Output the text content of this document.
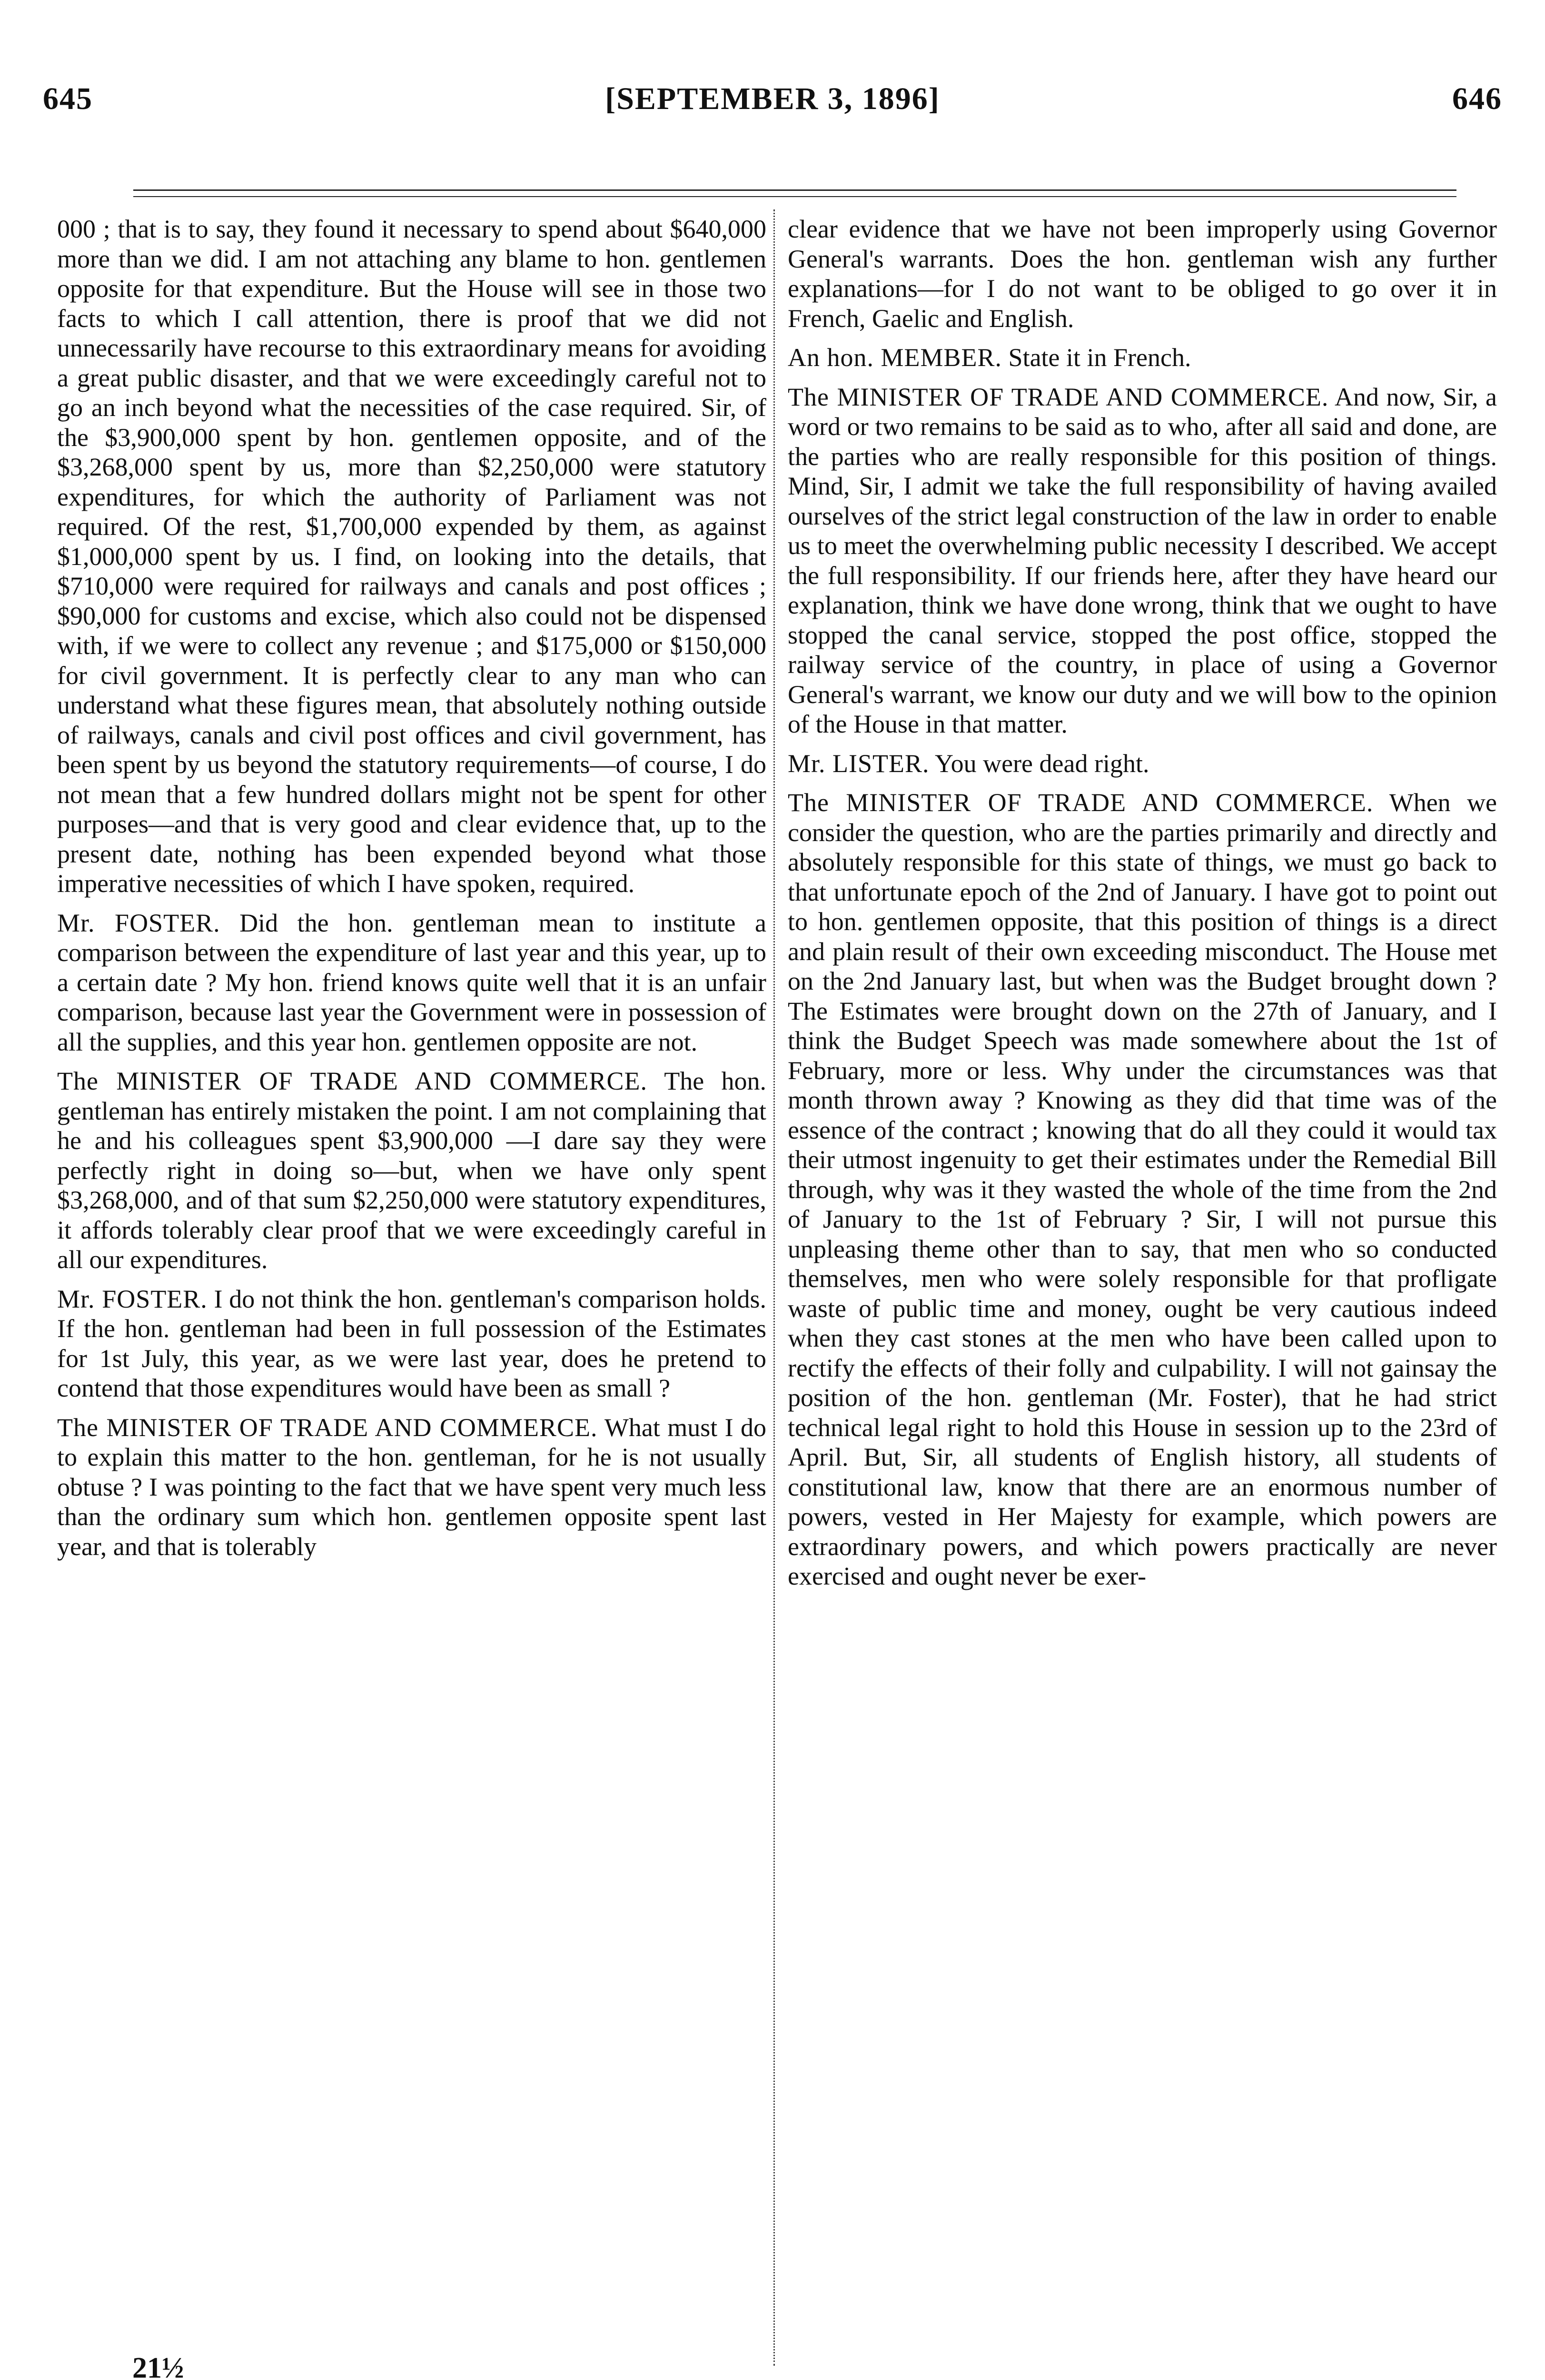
645	[SEPTEMBER 3, 1896]	646

000 ; that is to say, they found it necessary to spend about $640,000 more than we did. I am not attaching any blame to hon. gentlemen opposite for that expenditure. But the House will see in those two facts to which I call attention, there is proof that we did not unnecessarily have recourse to this extraordinary means for avoiding a great public disaster, and that we were exceedingly careful not to go an inch beyond what the necessities of the case required. Sir, of the $3,900,000 spent by hon. gentlemen opposite, and of the $3,268,000 spent by us, more than $2,250,000 were statutory expenditures, for which the authority of Parliament was not required. Of the rest, $1,700,000 expended by them, as against $1,000,000 spent by us. I find, on looking into the details, that $710,000 were required for railways and canals and post offices ; $90,000 for customs and excise, which also could not be dispensed with, if we were to collect any revenue ; and $175,000 or $150,000 for civil government. It is perfectly clear to any man who can understand what these figures mean, that absolutely nothing outside of railways, canals and civil post offices and civil government, has been spent by us beyond the statutory requirements—of course, I do not mean that a few hundred dollars might not be spent for other purposes—and that is very good and clear evidence that, up to the present date, nothing has been expended beyond what those imperative necessities of which I have spoken, required.

Mr. FOSTER. Did the hon. gentleman mean to institute a comparison between the expenditure of last year and this year, up to a certain date ? My hon. friend knows quite well that it is an unfair comparison, because last year the Government were in possession of all the supplies, and this year hon. gentlemen opposite are not.

The MINISTER OF TRADE AND COMMERCE. The hon. gentleman has entirely mistaken the point. I am not complaining that he and his colleagues spent $3,900,000 —I dare say they were perfectly right in doing so—but, when we have only spent $3,268,000, and of that sum $2,250,000 were statutory expenditures, it affords tolerably clear proof that we were exceedingly careful in all our expenditures.

Mr. FOSTER. I do not think the hon. gentleman's comparison holds. If the hon. gentleman had been in full possession of the Estimates for 1st July, this year, as we were last year, does he pretend to contend that those expenditures would have been as small ?

The MINISTER OF TRADE AND COMMERCE. What must I do to explain this matter to the hon. gentleman, for he is not usually obtuse ? I was pointing to the fact that we have spent very much less than the ordinary sum which hon. gentlemen opposite spent last year, and that is tolerably

clear evidence that we have not been improperly using Governor General's warrants. Does the hon. gentleman wish any further explanations—for I do not want to be obliged to go over it in French, Gaelic and English.

An hon. MEMBER. State it in French.

The MINISTER OF TRADE AND COMMERCE. And now, Sir, a word or two remains to be said as to who, after all said and done, are the parties who are really responsible for this position of things. Mind, Sir, I admit we take the full responsibility of having availed ourselves of the strict legal construction of the law in order to enable us to meet the overwhelming public necessity I described. We accept the full responsibility. If our friends here, after they have heard our explanation, think we have done wrong, think that we ought to have stopped the canal service, stopped the post office, stopped the railway service of the country, in place of using a Governor General's warrant, we know our duty and we will bow to the opinion of the House in that matter.

Mr. LISTER. You were dead right.

The MINISTER OF TRADE AND COMMERCE. When we consider the question, who are the parties primarily and directly and absolutely responsible for this state of things, we must go back to that unfortunate epoch of the 2nd of January. I have got to point out to hon. gentlemen opposite, that this position of things is a direct and plain result of their own exceeding misconduct. The House met on the 2nd January last, but when was the Budget brought down ? The Estimates were brought down on the 27th of January, and I think the Budget Speech was made somewhere about the 1st of February, more or less. Why under the circumstances was that month thrown away ? Knowing as they did that time was of the essence of the contract ; knowing that do all they could it would tax their utmost ingenuity to get their estimates under the Remedial Bill through, why was it they wasted the whole of the time from the 2nd of January to the 1st of February ? Sir, I will not pursue this unpleasing theme other than to say, that men who so conducted themselves, men who were solely responsible for that profligate waste of public time and money, ought be very cautious indeed when they cast stones at the men who have been called upon to rectify the effects of their folly and culpability. I will not gainsay the position of the hon. gentleman (Mr. Foster), that he had strict technical legal right to hold this House in session up to the 23rd of April. But, Sir, all students of English history, all students of constitutional law, know that there are an enormous number of powers, vested in Her Majesty for example, which powers are extraordinary powers, and which powers practically are never exercised and ought never be exer-

21½
